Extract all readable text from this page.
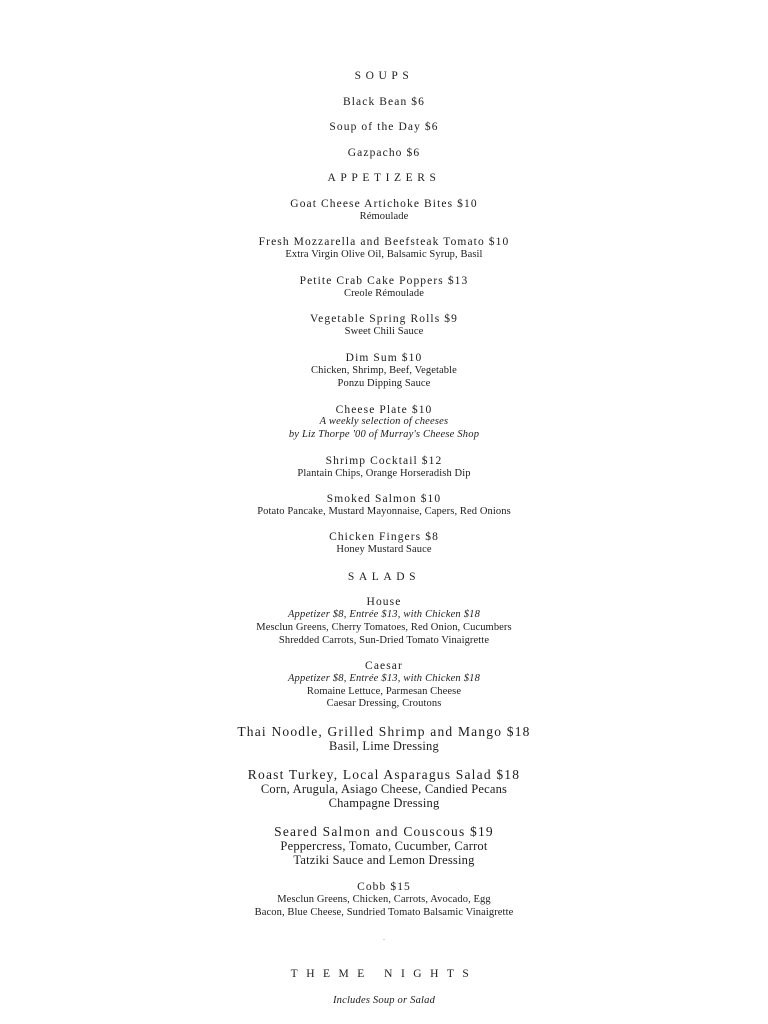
SOUPS
Black Bean $6
Soup of the Day $6
Gazpacho $6
APPETIZERS
Goat Cheese Artichoke Bites $10
Rémoulade
Fresh Mozzarella and Beefsteak Tomato $10
Extra Virgin Olive Oil, Balsamic Syrup, Basil
Petite Crab Cake Poppers $13
Creole Rémoulade
Vegetable Spring Rolls $9
Sweet Chili Sauce
Dim Sum $10
Chicken, Shrimp, Beef, Vegetable
Ponzu Dipping Sauce
Cheese Plate $10
A weekly selection of cheeses
by Liz Thorpe '00 of Murray's Cheese Shop
Shrimp Cocktail $12
Plantain Chips, Orange Horseradish Dip
Smoked Salmon $10
Potato Pancake, Mustard Mayonnaise, Capers, Red Onions
Chicken Fingers $8
Honey Mustard Sauce
SALADS
House
Appetizer $8, Entrée $13, with Chicken $18
Mesclun Greens, Cherry Tomatoes, Red Onion, Cucumbers
Shredded Carrots, Sun-Dried Tomato Vinaigrette
Caesar
Appetizer $8, Entrée $13, with Chicken $18
Romaine Lettuce, Parmesan Cheese
Caesar Dressing, Croutons
Thai Noodle, Grilled Shrimp and Mango $18
Basil, Lime Dressing
Roast Turkey, Local Asparagus Salad $18
Corn, Arugula, Asiago Cheese, Candied Pecans
Champagne Dressing
Seared Salmon and Couscous $19
Peppercress, Tomato, Cucumber, Carrot
Tatziki Sauce and Lemon Dressing
Cobb $15
Mesclun Greens, Chicken, Carrots, Avocado, Egg
Bacon, Blue Cheese, Sundried Tomato Balsamic Vinaigrette
.
THEME NIGHTS
Includes Soup or Salad
